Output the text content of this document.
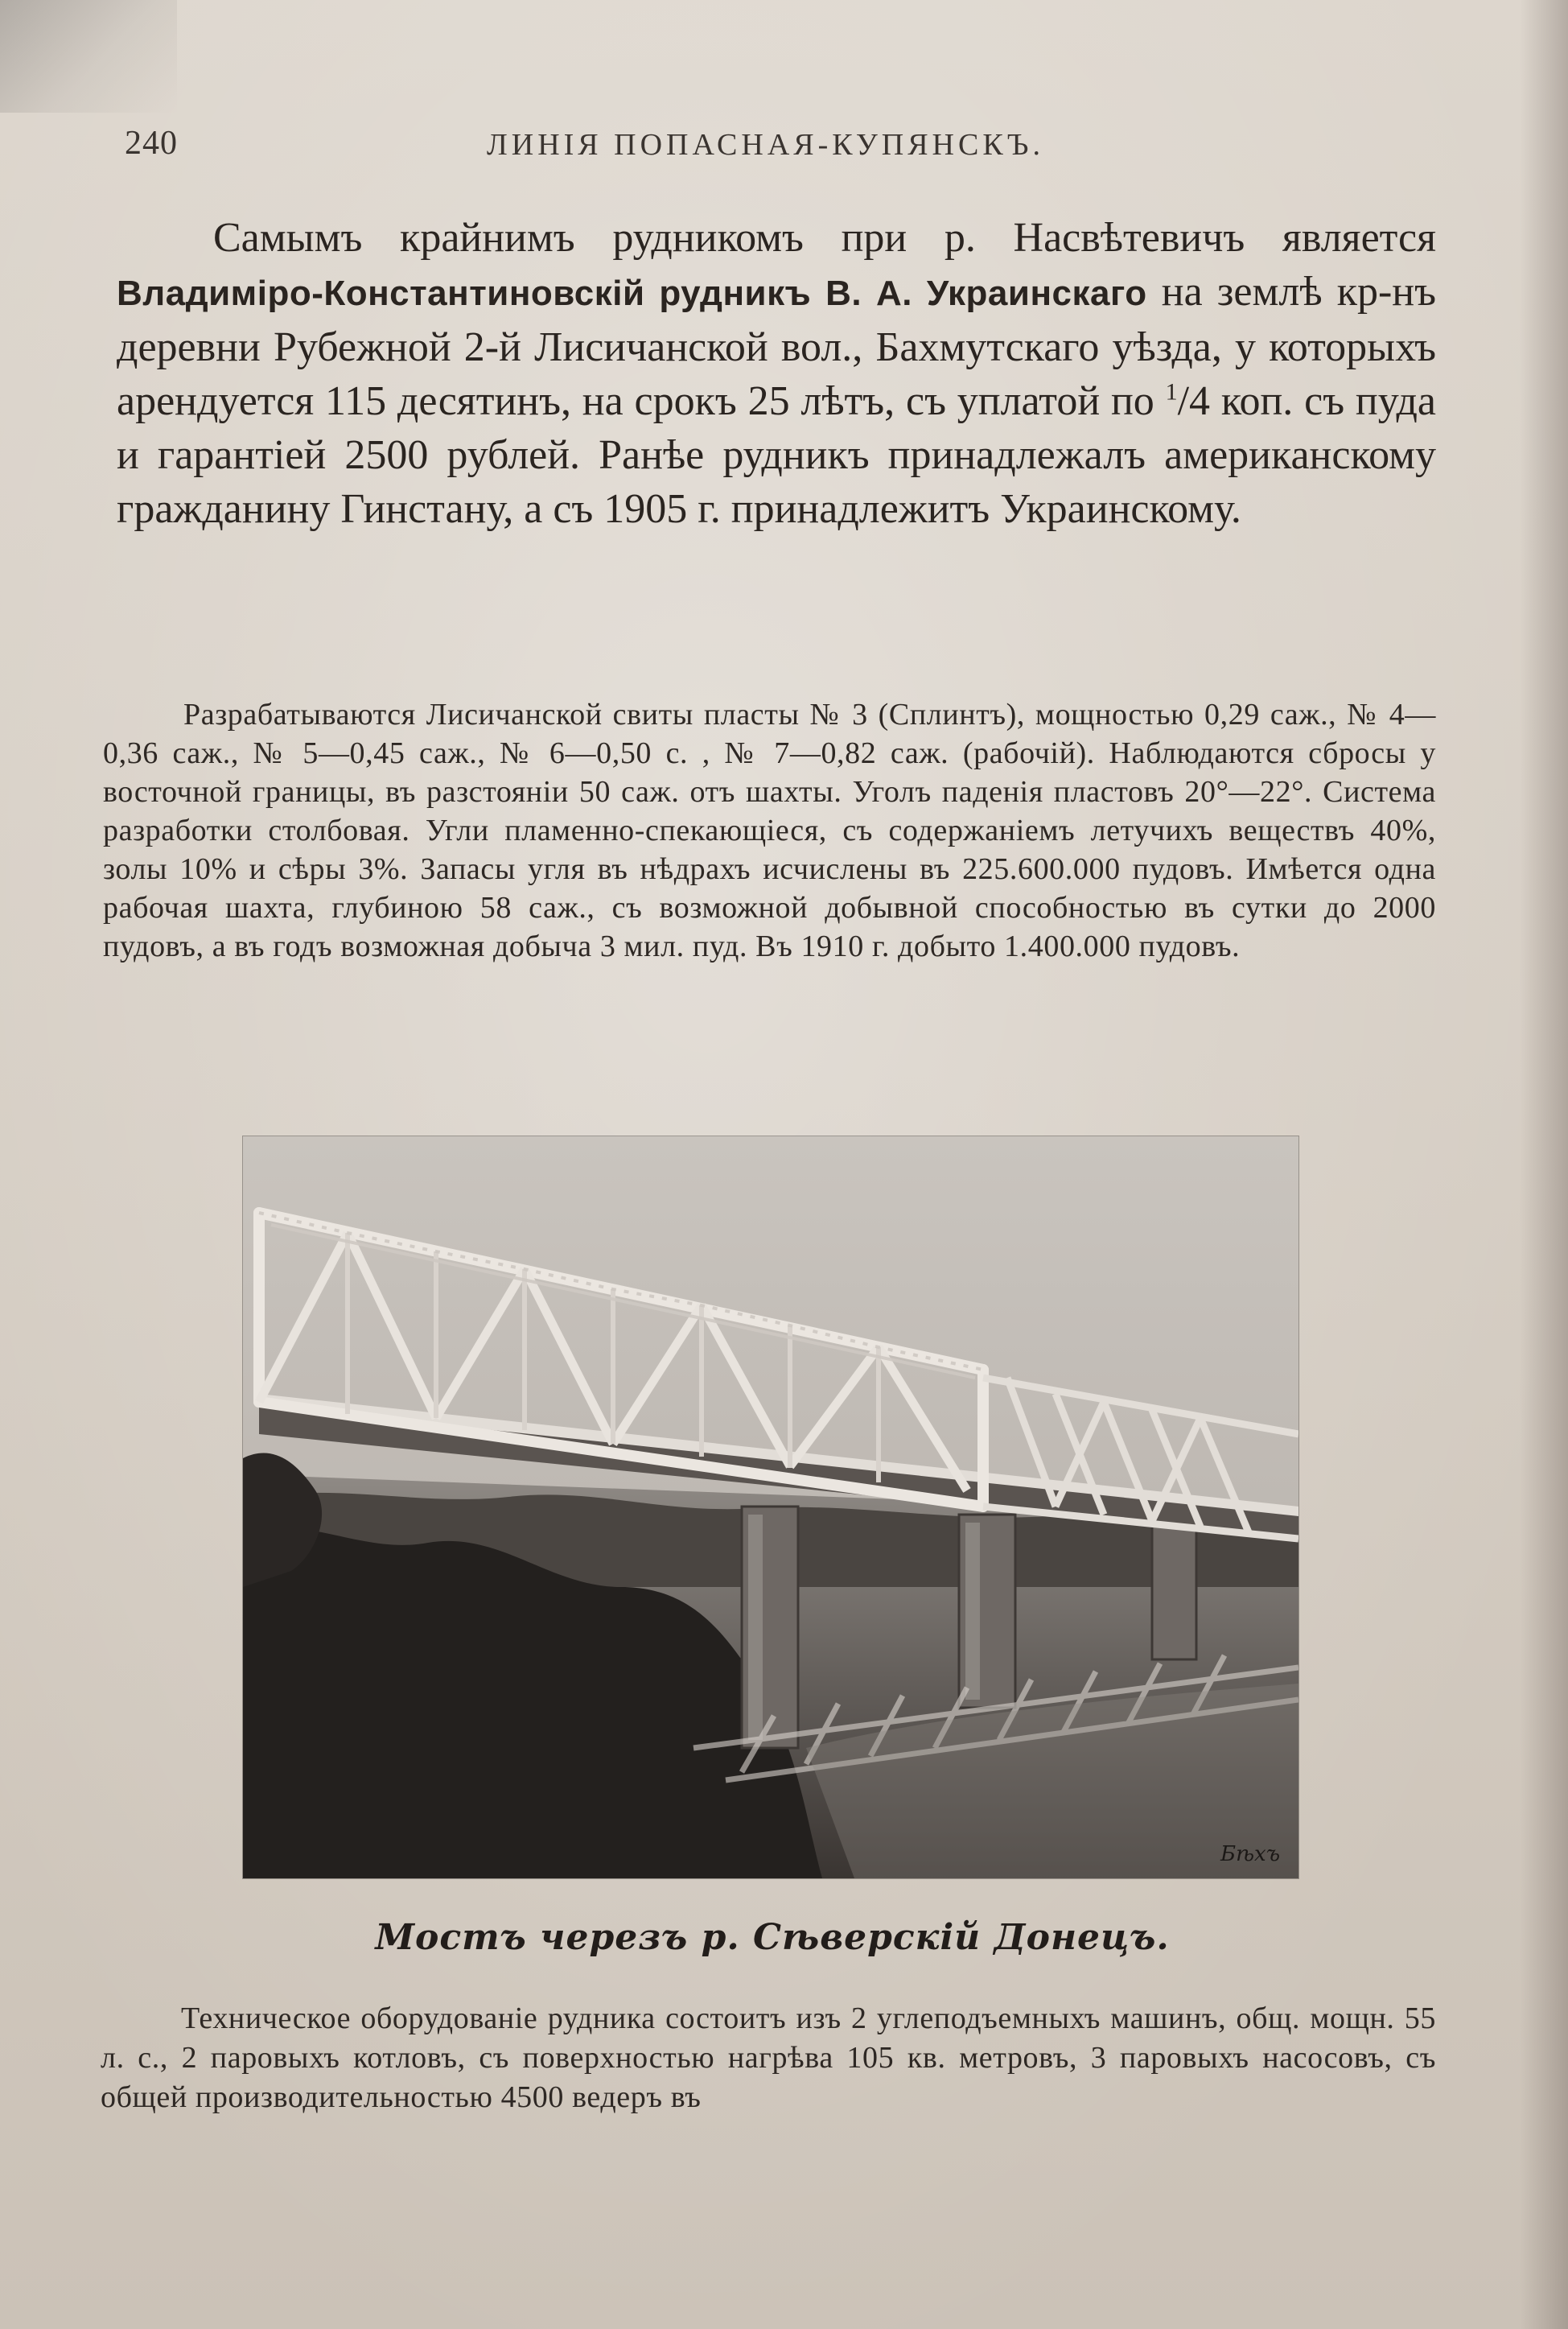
240	ЛИНІЯ ПОПАСНАЯ-КУПЯНСКЪ.

Самымъ крайнимъ рудникомъ при р. Насвѣтевичъ является Владиміро-Константиновскій рудникъ В. А. Украинскаго на землѣ кр-нъ деревни Рубежной 2-й Лисичанской вол., Бахмутскаго уѣзда, у которыхъ арендуется 115 десятинъ, на срокъ 25 лѣтъ, съ уплатой по $^1$/4 коп. съ пуда и гарантіей 2500 рублей. Ранѣе рудникъ принадлежалъ американскому гражданину Гинстану, а съ 1905 г. принадлежитъ Украинскому.

Разрабатываются Лисичанской свиты пласты № 3 (Сплинтъ), мощностью 0,29 саж., № 4—0,36 саж., № 5—0,45 саж., № 6—0,50 с. , № 7—0,82 саж. (рабочій). Наблюдаются сбросы у восточной границы, въ разстояніи 50 саж. отъ шахты. Уголъ паденія пластовъ 20°—22°. Система разработки столбовая. Угли пламенно-спекающіеся, съ содержаніемъ летучихъ веществъ 40%, золы 10% и сѣры 3%. Запасы угля въ нѣдрахъ исчислены въ 225.600.000 пудовъ. Имѣется одна рабочая шахта, глубиною 58 саж., съ возможной добывной способностью въ сутки до 2000 пудовъ, а въ годъ возможная добыча 3 мил. пуд. Въ 1910 г. добыто 1.400.000 пудовъ.

Бѣхъ
Мостъ черезъ р. Сѣверскій Донецъ.

Техническое оборудованіе рудника состоитъ изъ 2 углеподъемныхъ машинъ, общ. мощн. 55 л. с., 2 паровыхъ котловъ, съ поверхностью нагрѣва 105 кв. метровъ, 3 паровыхъ насосовъ, съ общей производительностью 4500 ведеръ въ
